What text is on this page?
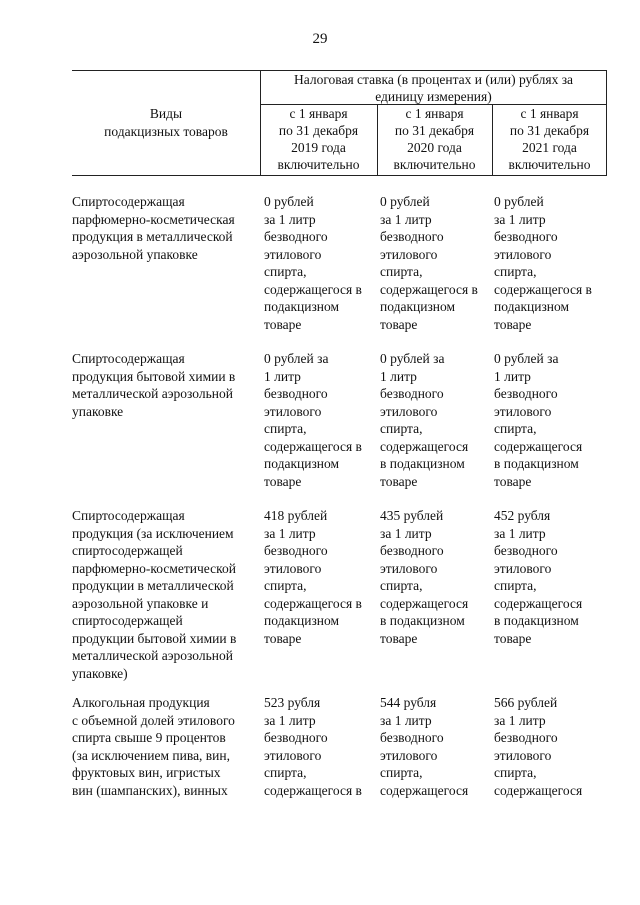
29
Виды
подакцизных товаров
Налоговая ставка (в процентах и (или) рублях за
единицу измерения)
с 1 января
по 31 декабря
2019 года
включительно
с 1 января
по 31 декабря
2020 года
включительно
с 1 января
по 31 декабря
2021 года
включительно
Спиртосодержащая
парфюмерно-косметическая
продукция в металлической
аэрозольной упаковке
0 рублей
за 1 литр
безводного
этилового
спирта,
содержащегося в
подакцизном
товаре
0 рублей
за 1 литр
безводного
этилового
спирта,
содержащегося в
подакцизном
товаре
0 рублей
за 1 литр
безводного
этилового
спирта,
содержащегося в
подакцизном
товаре
Спиртосодержащая
продукция бытовой химии в
металлической аэрозольной
упаковке
0 рублей за
1 литр
безводного
этилового
спирта,
содержащегося в
подакцизном
товаре
0 рублей за
1 литр
безводного
этилового
спирта,
содержащегося
в подакцизном
товаре
0 рублей за
1 литр
безводного
этилового
спирта,
содержащегося
в подакцизном
товаре
Спиртосодержащая
продукция (за исключением
спиртосодержащей
парфюмерно-косметической
продукции в металлической
аэрозольной упаковке и
спиртосодержащей
продукции бытовой химии в
металлической аэрозольной
упаковке)
418 рублей
за 1 литр
безводного
этилового
спирта,
содержащегося в
подакцизном
товаре
435 рублей
за 1 литр
безводного
этилового
спирта,
содержащегося
в подакцизном
товаре
452 рубля
за 1 литр
безводного
этилового
спирта,
содержащегося
в подакцизном
товаре
Алкогольная продукция
с объемной долей этилового
спирта свыше 9 процентов
(за исключением пива, вин,
фруктовых вин, игристых
вин (шампанских), винных
523 рубля
за 1 литр
безводного
этилового
спирта,
содержащегося в
544 рубля
за 1 литр
безводного
этилового
спирта,
содержащегося
566 рублей
за 1 литр
безводного
этилового
спирта,
содержащегося
